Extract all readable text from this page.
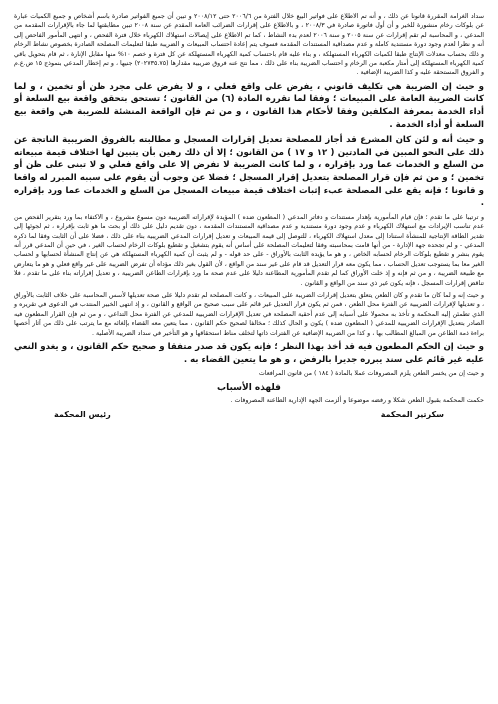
سداد الغرامة المقررة قانونا عن ذلك ، و أنه تم الاطلاع على فواتير البيع خلال الفترة من ٢٠٠٦/٦ حتى ٢٠٠٨/١٢ و تبين أن جميع الفواتير صادرة باسم أشخاص و جميع الكميات عبارة عن بلوكات رخام منشورة للخير و أن أول فاتورة صادرة في ٢٠٠٨/٣ ، و بالاطلاع على إقرارات الضرائب العامة المقدم عن سنة ٢٠٠٨ تبين مطابقتها لما جاء بالإقرارات المقدمة من المدعي ، و المحاسبة لم تقم إقرارات عن سنة ٢٠٠٥ و سنة ٢٠٠٦ لعدم بدء النشاط ، كما تم الاطلاع على إيصالات استهلاك الكهرباء خلال فترة الفحص ، و انتهى المأمور الفاحص إلى أنه و نظرا لعدم وجود دورة مستندية كاملة و عدم مصداقية المستندات المقدمة فسوف يتم إعادة احتساب المبيعات و الضريبة طبقا لتعليمات المصلحة الصادرة بخصوص نشاط الرخام و ذلك بحساب معدلات الإنتاج طبقا لكميات الكهرباء المستهلكة ، و بناء عليه قام باحتساب كمية الكهرباء المستهلكة عن كل فترة و خصم ١٠% منها مقابل الإنارة ، ثم قام بتحويل باقي كمية الكهرباء المستهلكة إلى أمتار مكعبة من الرخام و احتساب الضريبة بناء على ذلك ، مما نتج عنه فروق ضريبية مقدارها (٢٠٢٧٣٥.٧٥) جنيها ، و تم إخطار المدعي بنموذج ١٥ ض.ع.م و الفروق المستحقة عليه و كذا الضريبة الإضافية .

و حيث إن الضريبة هي تكليف قانوني ، يفرض على واقع فعلي ، و لا يفرض على مجرد ظن أو تخمين ، و لما كانت الضريبة العامة على المبيعات ؛ وفقا لما تقرره المادة (٦) من القانون ؛ تستحق بتحقق واقعة بيع السلعة أو أداء الخدمة بمعرفة المكلفين وفقا لأحكام هذا القانون ، و من ثم فإن الواقعة المنشئة للضريبة هي واقعة بيع السلعة أو أداء الخدمة .

و حيث أنه و لئن كان المشرع قد أجاز للمصلحة تعديل إقرارات المسجل و مطالبته بالفروق الضريبية الناتجة عن ذلك على النحو المبين في المادتين ( ١٢ و ١٧ ) من القانون ؛ إلا أن ذلك رهين بأن يتبين لها اختلاف قيمة مبيعاته من السلع و الخدمات عما ورد بإقراره ، و لما كانت الضريبة لا تفرض إلا على واقع فعلي و لا تبنى على ظن أو تخمين ؛ و من ثم فإن قرار المصلحة بتعديل إقرار المسجل ؛ فضلا عن وجوب أن يقوم على سببه المبرر له واقعا و قانونا ؛ فإنه يقع على المصلحة عبء إثبات اختلاف قيمة مبيعات المسجل من السلع و الخدمات عما ورد بإقراره .

و ترتيبا على ما تقدم ؛ فإن قيام المأمورية بإهدار مستندات و دفاتر المدعي ( المطعون ضده ) المؤيدة لإقراراته الضريبية دون مسوغ مشروع ، و الاكتفاء بما ورد بتقرير الفحص من عدم تناسب الإيرادات مع استهلاك الكهرباء و عدم وجود دورة مستندية و عدم مصداقية المستندات المقدمة ، دون تقديم دليل على ذلك أو بحث ما هو ثابت بإقراره ، ثم لجوئها إلى تقدير الطاقة الإنتاجية للمنشأة استنادا إلى معدل استهلاك الكهرباء ، للتوصل إلى قيمة المبيعات و تعديل إقرارات المدعي الضريبية بناء على ذلك ، فضلا على أن الثابت وفقا لما ذكره المدعي - و لم تجحده جهة الإدارة - من أنها قامت بمحاسبته وفقا لتعليمات المصلحة على أساس أنه يقوم بتشغيل و تقطيع بلوكات الرخام لحساب الغير ، في حين أن المدعي قرر أنه يقوم بنشر و تقطيع بلوكات الرخام لحسابه الخاص ، و هو ما يؤيده الثابت بالأوراق - على حد قوله - و لم يثبت أن كمية الكهرباء المستهلكة هي عن إنتاج المنشأة لحسابها و لحساب الغير معا بما يستوجب تعديل الحساب ، مما يكون معه قرار التعديل قد قام على غير سند من الواقع ، لأن القول بغير ذلك مؤداه أن تفرض الضريبة على غير واقع فعلي و هو ما يتعارض مع طبيعة الضريبة ، و من ثم فإنه و إذ خلت الأوراق كما لم تقدم المأمورية المطاعنة دليلا على عدم صحة ما ورد بإقرارات الطاعن الضريبية ، و تعديل إقراراته بناء على ما تقدم ، فلا تناقض إقرارات المسجل ، فإنه يكون غير ذي سند من الواقع و القانون .

و حيث إنه و لما كان ما تقدم و كان الطعن يتعلق بتعديل إقرارات الضريبة على المبيعات ، و كانت المصلحة لم تقدم دليلا على صحة تعديلها لأسس المحاسبة على خلاف الثابت بالأوراق ، و تعديلها لإقرارات الضريبية عن الفترة محل الطعن ، فمن ثم يكون قرار التعديل غير قائم على سبب صحيح من الواقع و القانون ، و إذ انتهى الخبير المنتدب في الدعوى في تقريره و الذي تطمئن إليه المحكمة و تأخذ به محمولا على أسبابه إلى عدم أحقية المصلحة في تعديل الإقرارات الضريبية للمدعي عن الفترة محل التداعي ، و من ثم فإن القرار المطعون فيه الصادر بتعديل الإقرارات الضريبية للمدعي ( المطعون ضده ) يكون و الحال كذلك ؛ مخالفا لصحيح حكم القانون ، مما يتعين معه القضاء بإلغائه مع ما يترتب على ذلك من آثار أخصها براءة ذمة الطاعن من المبالغ المطالب بها ، و كذا من الضريبة الإضافية عن الفترات ذاتها لتخلف مناط استحقاقها و هو التأخير في سداد الضريبة الأصلية .

و حيث إن الحكم المطعون فيه قد أخذ بهذا النظر ؛ فإنه يكون قد صدر متفقا و صحيح حكم القانون ، و يغدو النعي عليه غير قائم على سند يبرره جديرا بالرفض ، و هو ما يتعين القضاء به .

و حيث إن من يخسر الطعن يلزم المصروفات عملا بالمادة ( ١٨٤ ) من قانون المرافعات

فلهذه الأسباب

حكمت المحكمة بقبول الطعن شكلا و رفضه موضوعا و ألزمت الجهة الإدارية الطاعنة المصروفات .

سكرتير المحكمة
رئيس المحكمة
